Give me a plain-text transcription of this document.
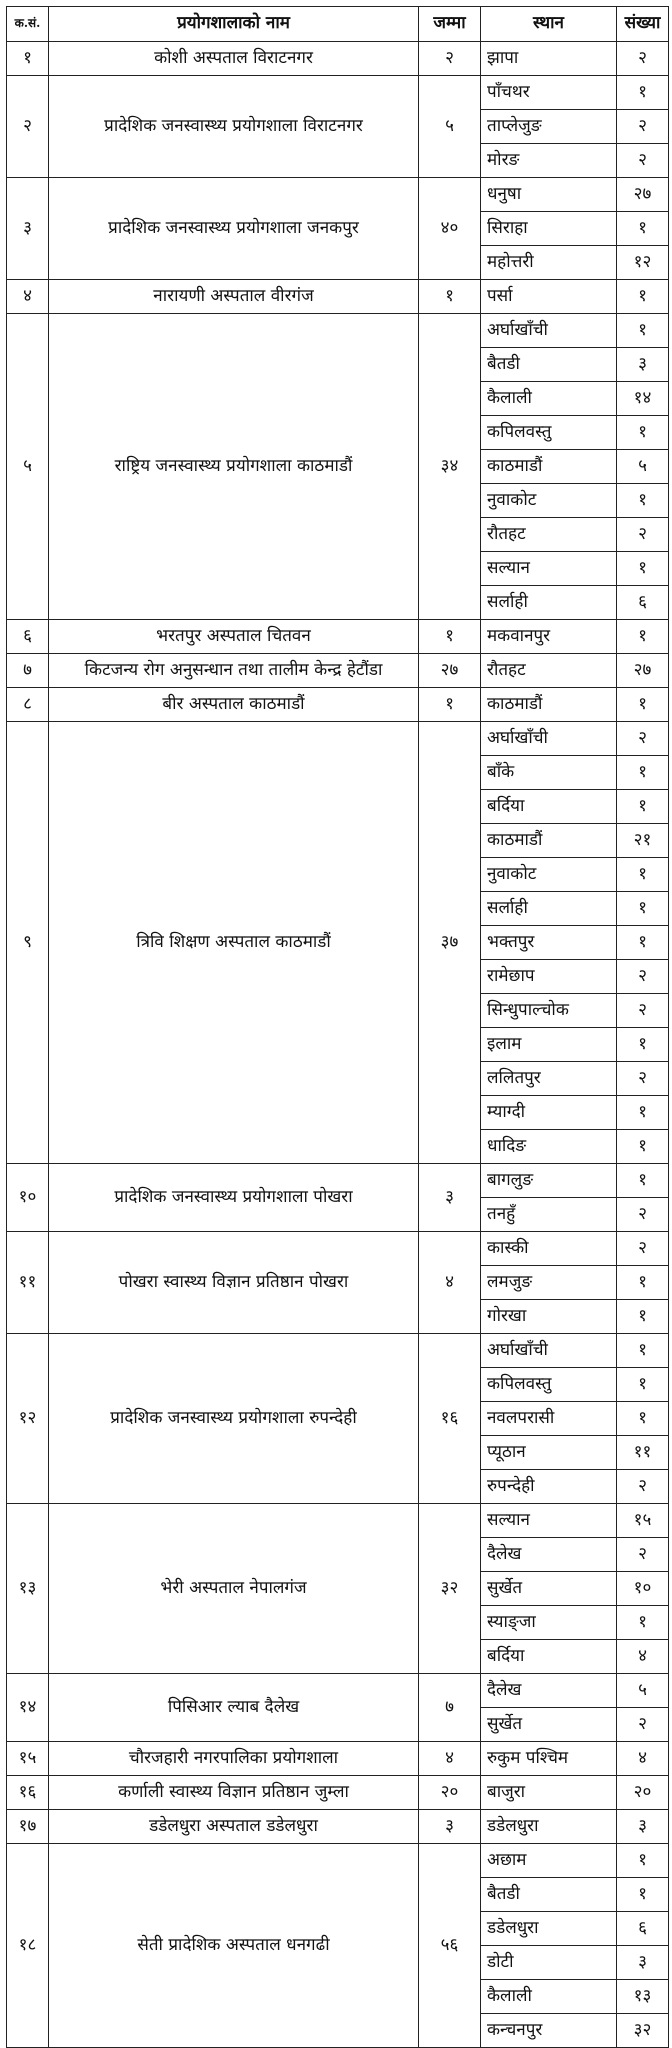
क.सं.	प्रयोगशालाको नाम	जम्मा	स्थान	संख्या
१	कोशी अस्पताल विराटनगर	२	झापा	२
२	प्रादेशिक जनस्वास्थ्य प्रयोगशाला विराटनगर	५	पाँचथर	१
			ताप्लेजुङ	२
			मोरङ	२
३	प्रादेशिक जनस्वास्थ्य प्रयोगशाला जनकपुर	४०	धनुषा	२७
			सिराहा	१
			महोत्तरी	१२
४	नारायणी अस्पताल वीरगंज	१	पर्सा	१
५	राष्ट्रिय जनस्वास्थ्य प्रयोगशाला काठमाडौं	३४	अर्घाखाँची	१
			बैतडी	३
			कैलाली	१४
			कपिलवस्तु	१
			काठमाडौं	५
			नुवाकोट	१
			रौतहट	२
			सल्यान	१
			सर्लाही	६
६	भरतपुर अस्पताल चितवन	१	मकवानपुर	१
७	किटजन्य रोग अनुसन्धान तथा तालीम केन्द्र हेटौंडा	२७	रौतहट	२७
८	बीर अस्पताल काठमाडौं	१	काठमाडौं	१
९	त्रिवि शिक्षण अस्पताल काठमाडौं	३७	अर्घाखाँची	२
			बाँके	१
			बर्दिया	१
			काठमाडौं	२१
			नुवाकोट	१
			सर्लाही	१
			भक्तपुर	१
			रामेछाप	२
			सिन्धुपाल्चोक	२
			इलाम	१
			ललितपुर	२
			म्याग्दी	१
			धादिङ	१
१०	प्रादेशिक जनस्वास्थ्य प्रयोगशाला पोखरा	३	बागलुङ	१
			तनहुँ	२
११	पोखरा स्वास्थ्य विज्ञान प्रतिष्ठान पोखरा	४	कास्की	२
			लमजुङ	१
			गोरखा	१
१२	प्रादेशिक जनस्वास्थ्य प्रयोगशाला रुपन्देही	१६	अर्घाखाँची	१
			कपिलवस्तु	१
			नवलपरासी	१
			प्यूठान	११
			रुपन्देही	२
१३	भेरी अस्पताल नेपालगंज	३२	सल्यान	१५
			दैलेख	२
			सुर्खेत	१०
			स्याङ्जा	१
			बर्दिया	४
१४	पिसिआर ल्याब दैलेख	७	दैलेख	५
			सुर्खेत	२
१५	चौरजहारी नगरपालिका प्रयोगशाला	४	रुकुम पश्चिम	४
१६	कर्णाली स्वास्थ्य विज्ञान प्रतिष्ठान जुम्ला	२०	बाजुरा	२०
१७	डडेलधुरा अस्पताल डडेलधुरा	३	डडेलधुरा	३
१८	सेती प्रादेशिक अस्पताल धनगढी	५६	अछाम	१
			बैतडी	१
			डडेलधुरा	६
			डोटी	३
			कैलाली	१३
			कन्चनपुर	३२
